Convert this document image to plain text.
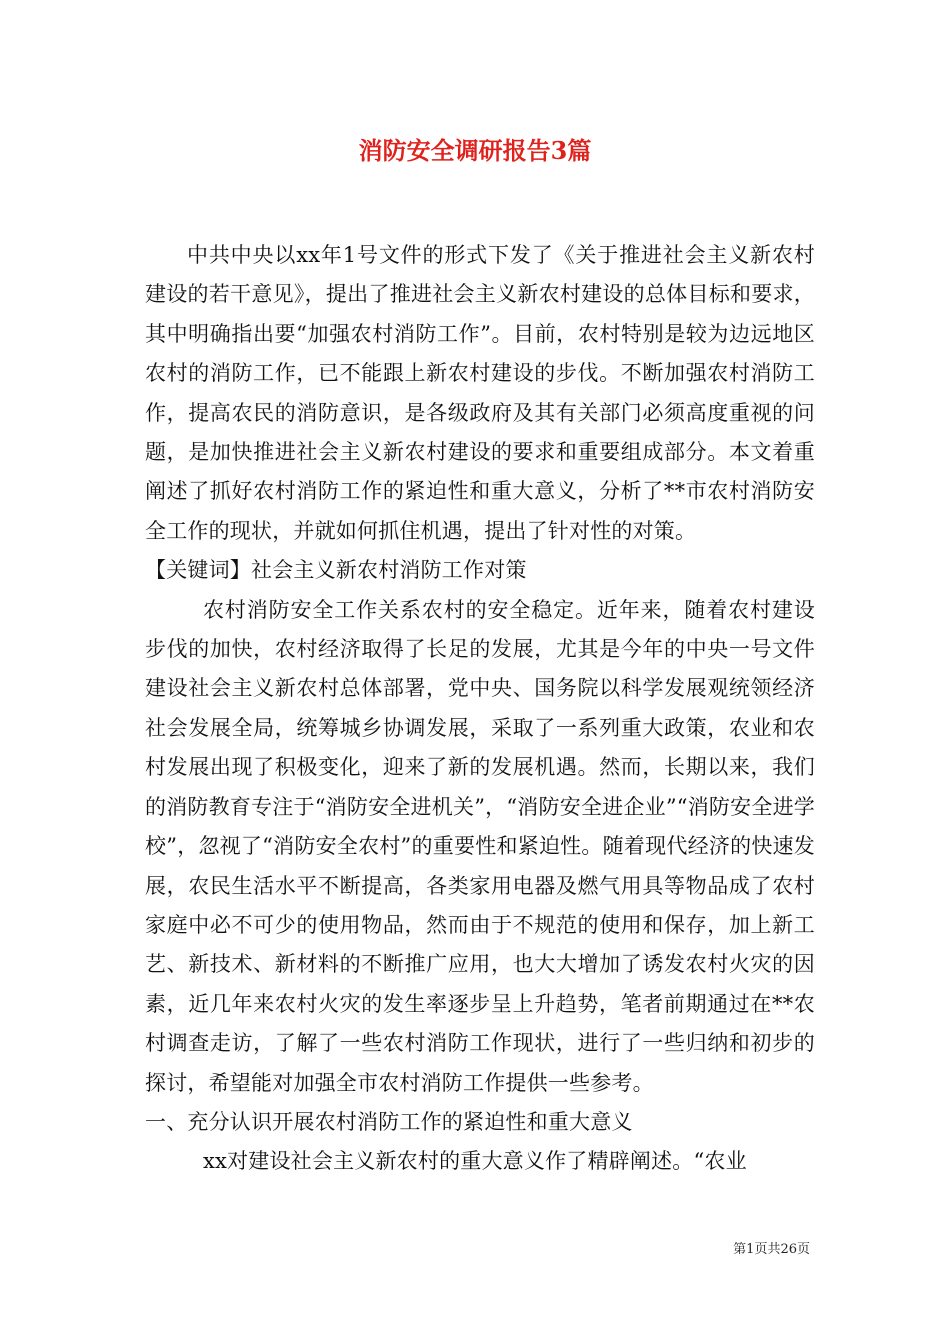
消防安全调研报告3篇

中共中央以xx年1号文件的形式下发了《关于推进社会主义新农村建设的若干意见》，提出了推进社会主义新农村建设的总体目标和要求，其中明确指出要“加强农村消防工作”。目前，农村特别是较为边远地区农村的消防工作，已不能跟上新农村建设的步伐。不断加强农村消防工作，提高农民的消防意识，是各级政府及其有关部门必须高度重视的问题，是加快推进社会主义新农村建设的要求和重要组成部分。本文着重阐述了抓好农村消防工作的紧迫性和重大意义，分析了**市农村消防安全工作的现状，并就如何抓住机遇，提出了针对性的对策。

【关键词】社会主义新农村消防工作对策

农村消防安全工作关系农村的安全稳定。近年来，随着农村建设步伐的加快，农村经济取得了长足的发展，尤其是今年的中央一号文件建设社会主义新农村总体部署，党中央、国务院以科学发展观统领经济社会发展全局，统筹城乡协调发展，采取了一系列重大政策，农业和农村发展出现了积极变化，迎来了新的发展机遇。然而，长期以来，我们的消防教育专注于“消防安全进机关”，“消防安全进企业”“消防安全进学校”，忽视了“消防安全农村”的重要性和紧迫性。随着现代经济的快速发展，农民生活水平不断提高，各类家用电器及燃气用具等物品成了农村家庭中必不可少的使用物品，然而由于不规范的使用和保存，加上新工艺、新技术、新材料的不断推广应用，也大大增加了诱发农村火灾的因素，近几年来农村火灾的发生率逐步呈上升趋势，笔者前期通过在**农村调查走访，了解了一些农村消防工作现状，进行了一些归纳和初步的探讨，希望能对加强全市农村消防工作提供一些参考。

一、充分认识开展农村消防工作的紧迫性和重大意义

xx对建设社会主义新农村的重大意义作了精辟阐述。“农业

第1页共26页
